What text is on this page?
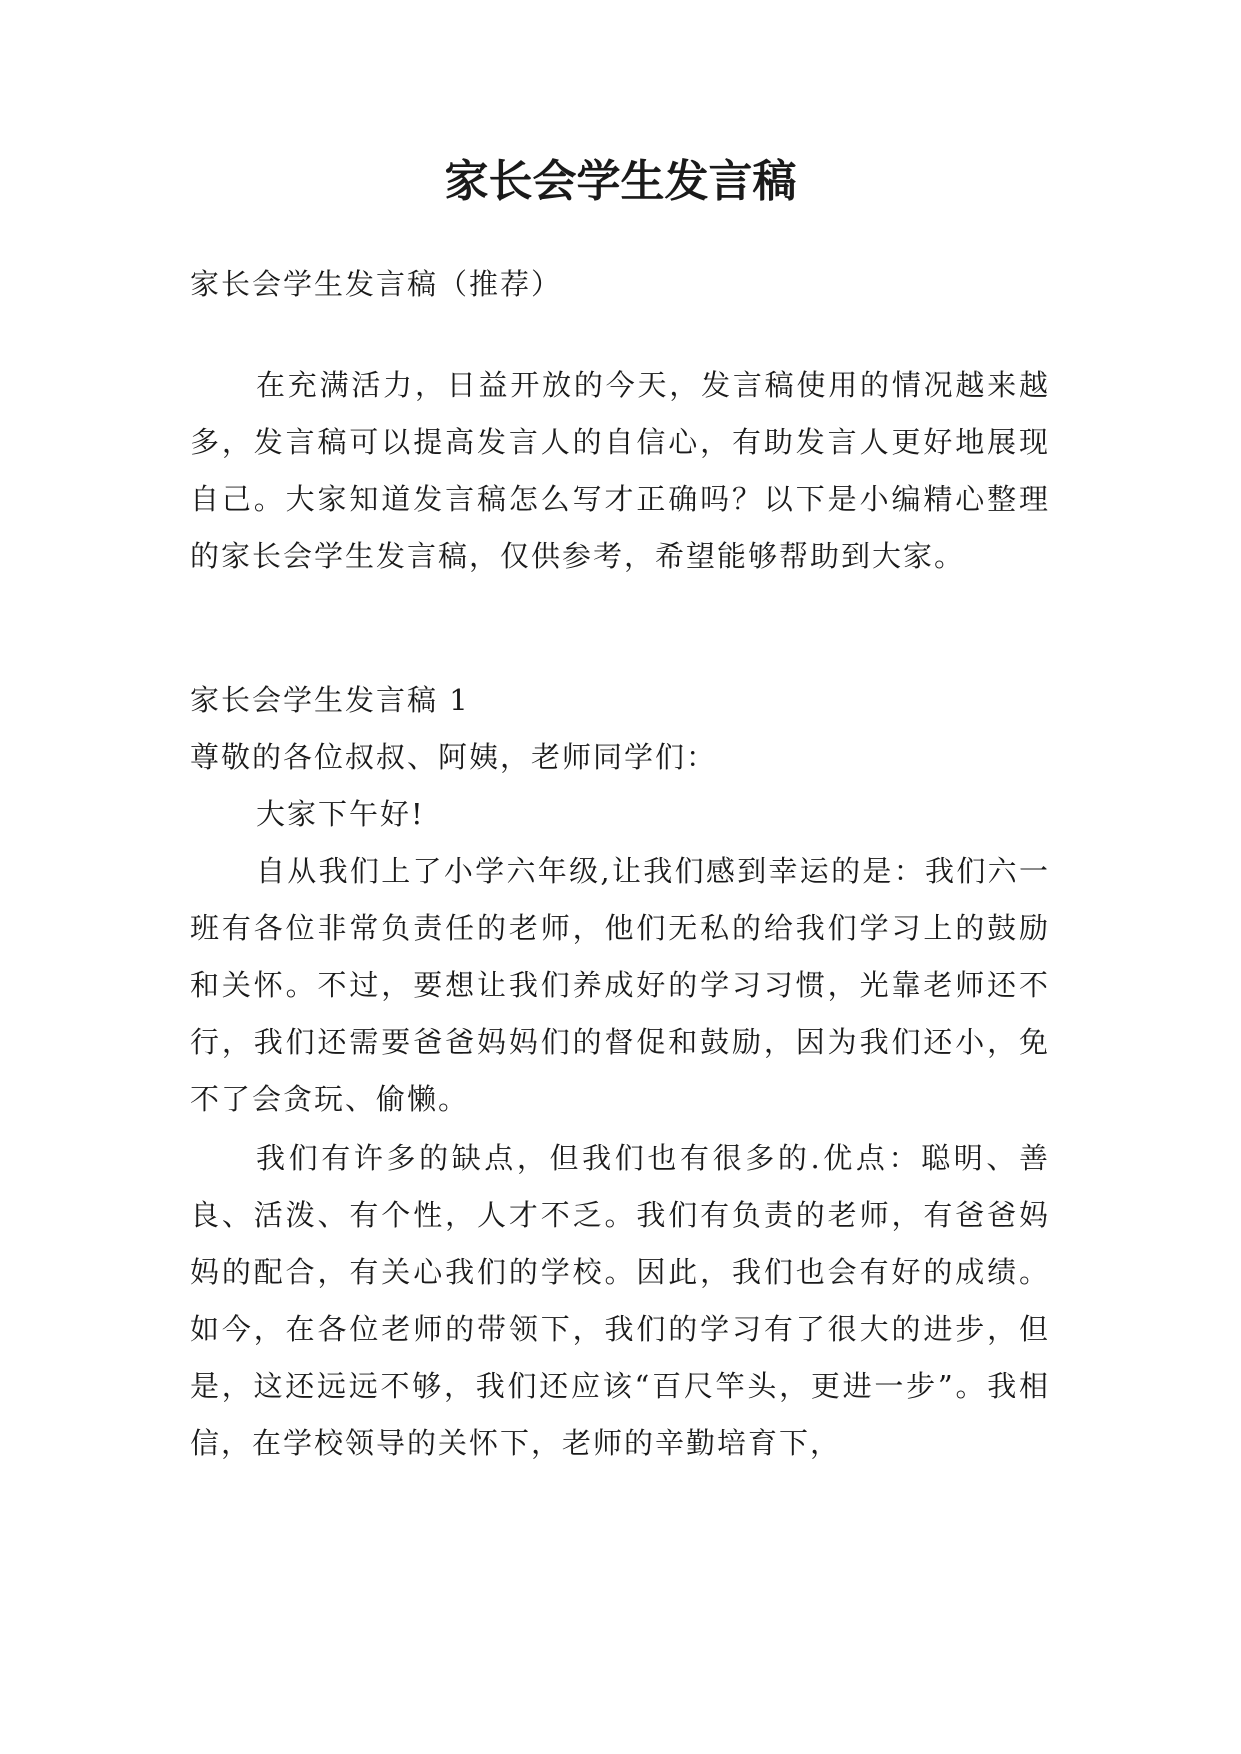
家长会学生发言稿

家长会学生发言稿（推荐）

在充满活力，日益开放的今天，发言稿使用的情况越来越多，发言稿可以提高发言人的自信心，有助发言人更好地展现自己。大家知道发言稿怎么写才正确吗？以下是小编精心整理的家长会学生发言稿，仅供参考，希望能够帮助到大家。

家长会学生发言稿 1

尊敬的各位叔叔、阿姨，老师同学们：

大家下午好!

自从我们上了小学六年级,让我们感到幸运的是：我们六一班有各位非常负责任的老师，他们无私的给我们学习上的鼓励和关怀。不过，要想让我们养成好的学习习惯，光靠老师还不行，我们还需要爸爸妈妈们的督促和鼓励，因为我们还小，免不了会贪玩、偷懒。

我们有许多的缺点，但我们也有很多的.优点：聪明、善良、活泼、有个性，人才不乏。我们有负责的老师，有爸爸妈妈的配合，有关心我们的学校。因此，我们也会有好的成绩。如今，在各位老师的带领下，我们的学习有了很大的进步，但是，这还远远不够，我们还应该“百尺竿头，更进一步”。我相信，在学校领导的关怀下，老师的辛勤培育下，
